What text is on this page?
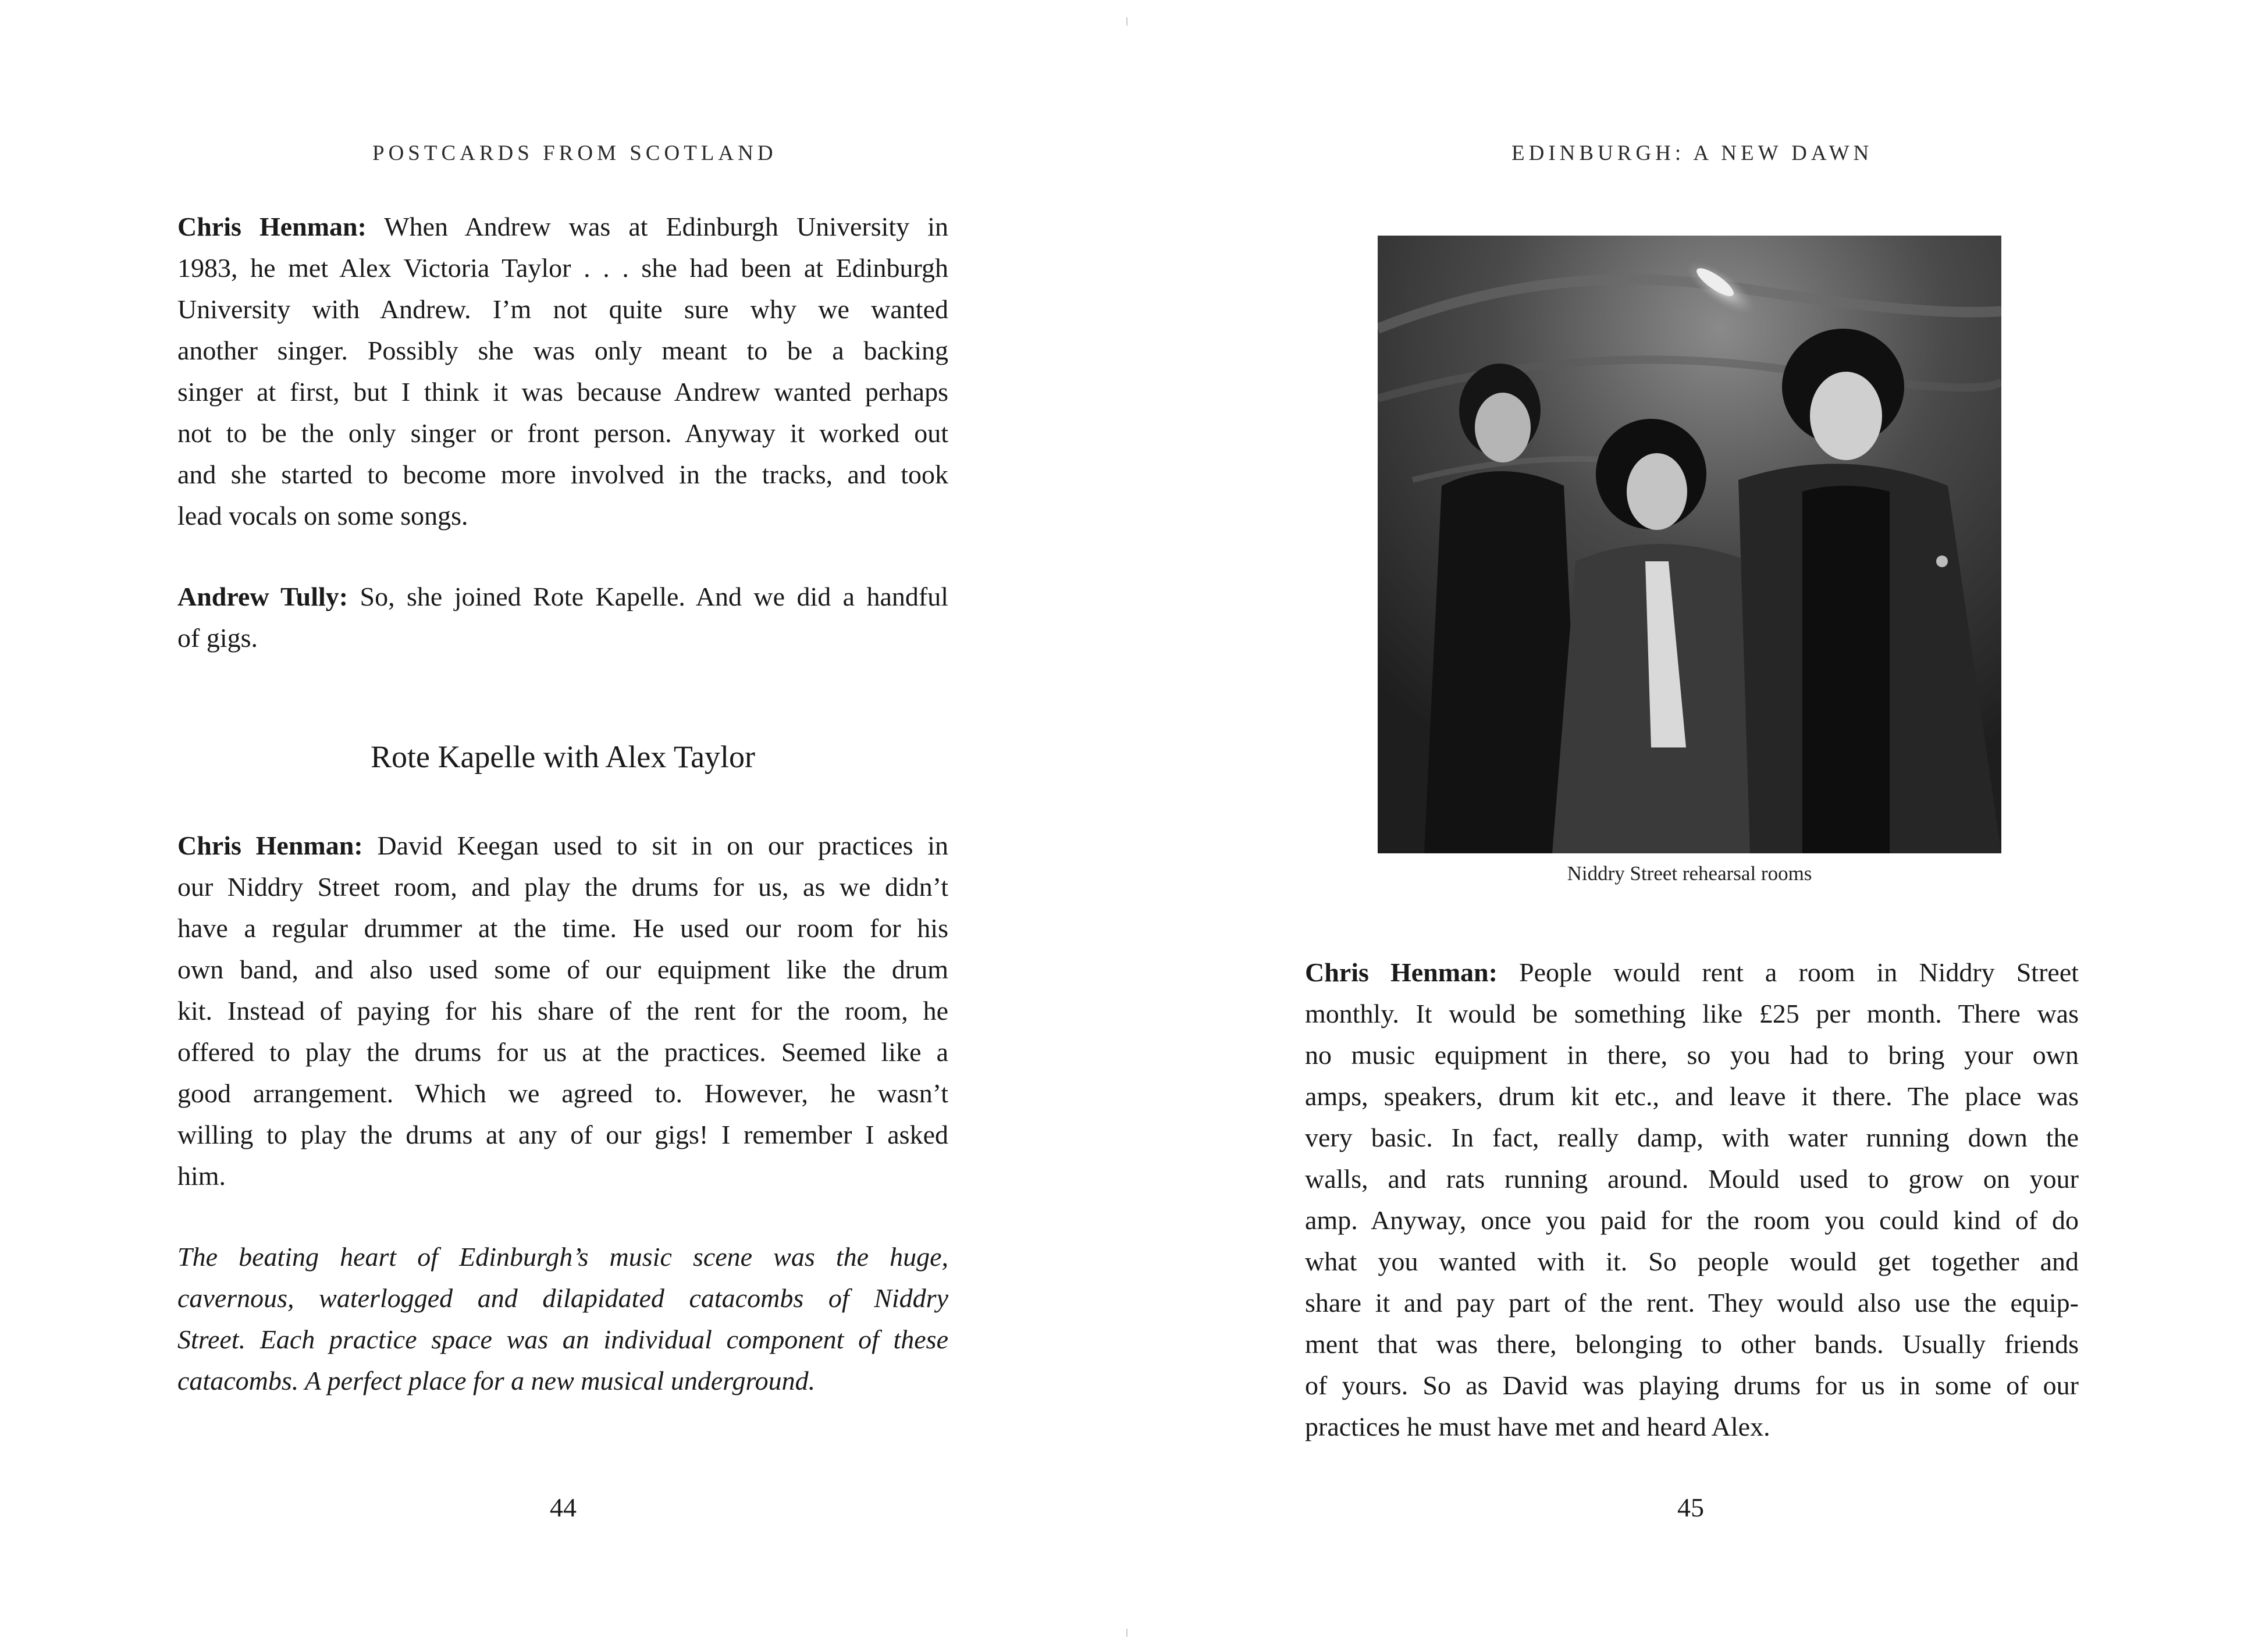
POSTCARDS FROM SCOTLAND

Chris Henman: When Andrew was at Edinburgh University in

1983, he met Alex Victoria Taylor . . . she had been at Edinburgh

University with Andrew. I’m not quite sure why we wanted

another singer. Possibly she was only meant to be a backing

singer at first, but I think it was because Andrew wanted perhaps

not to be the only singer or front person. Anyway it worked out

and she started to become more involved in the tracks, and took

lead vocals on some songs.

Andrew Tully: So, she joined Rote Kapelle. And we did a handful

of gigs.

Rote Kapelle with Alex Taylor

Chris Henman: David Keegan used to sit in on our practices in

our Niddry Street room, and play the drums for us, as we didn’t

have a regular drummer at the time. He used our room for his

own band, and also used some of our equipment like the drum

kit. Instead of paying for his share of the rent for the room, he

offered to play the drums for us at the practices. Seemed like a

good arrangement. Which we agreed to. However, he wasn’t

willing to play the drums at any of our gigs! I remember I asked

him.

The beating heart of Edinburgh’s music scene was the huge,

cavernous, waterlogged and dilapidated catacombs of Niddry

Street. Each practice space was an individual component of these

catacombs. A perfect place for a new musical underground.

44
EDINBURGH: A NEW DAWN

Niddry Street rehearsal rooms

Chris Henman: People would rent a room in Niddry Street

monthly. It would be something like £25 per month. There was

no music equipment in there, so you had to bring your own

amps, speakers, drum kit etc., and leave it there. The place was

very basic. In fact, really damp, with water running down the

walls, and rats running around. Mould used to grow on your

amp. Anyway, once you paid for the room you could kind of do

what you wanted with it. So people would get together and

share it and pay part of the rent. They would also use the equip-

ment that was there, belonging to other bands. Usually friends

of yours. So as David was playing drums for us in some of our

practices he must have met and heard Alex.

45
